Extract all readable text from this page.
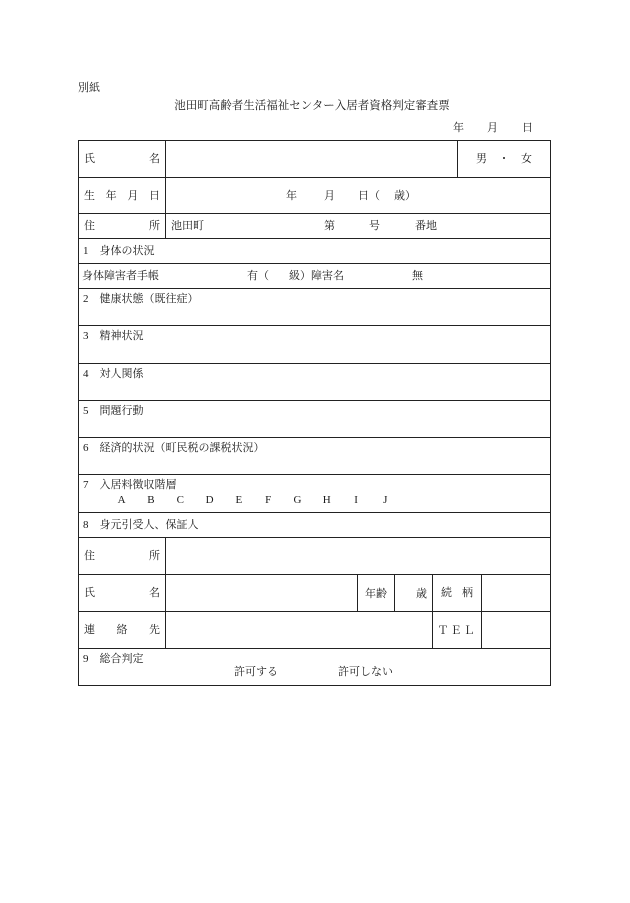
別紙
池田町高齢者生活福祉センター入居者資格判定審査票
年 月 日
氏 名	男 ・ 女
生 年 月 日	年 月 日（ 歳）
住 所 池田町	第	号	番地
1　身体の状況
身体障害者手帳	有（ 級）障害名	無
2　健康状態（既往症）
3　精神状況
4　対人関係
5　問題行動
6　経済的状況（町民税の課税状況）
7　入居料徴収階層
A	B	C	D	E	F	G	H	I	J
8　身元引受人、保証人
住 所
氏 名	年齢	歳 続 柄
連 絡 先	ＴＥＬ
9　総合判定
許可する	許可しない
